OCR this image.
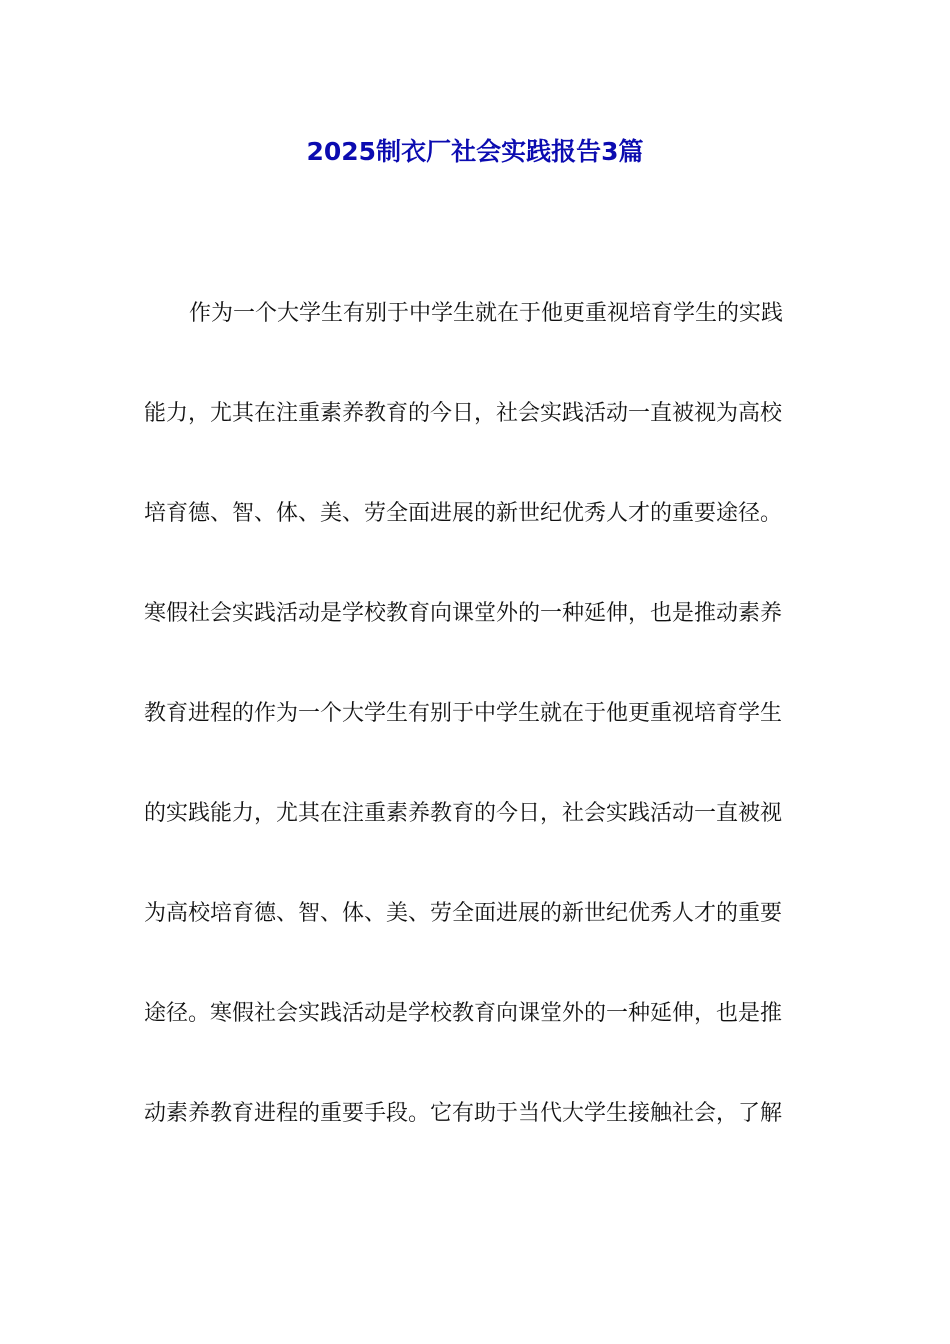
2025制衣厂社会实践报告3篇
作为一个大学生有别于中学生就在于他更重视培育学生的实践
能力，尤其在注重素养教育的今日，社会实践活动一直被视为高校
培育德、智、体、美、劳全面进展的新世纪优秀人才的重要途径。
寒假社会实践活动是学校教育向课堂外的一种延伸，也是推动素养
教育进程的作为一个大学生有别于中学生就在于他更重视培育学生
的实践能力，尤其在注重素养教育的今日，社会实践活动一直被视
为高校培育德、智、体、美、劳全面进展的新世纪优秀人才的重要
途径。寒假社会实践活动是学校教育向课堂外的一种延伸，也是推
动素养教育进程的重要手段。它有助于当代大学生接触社会，了解
